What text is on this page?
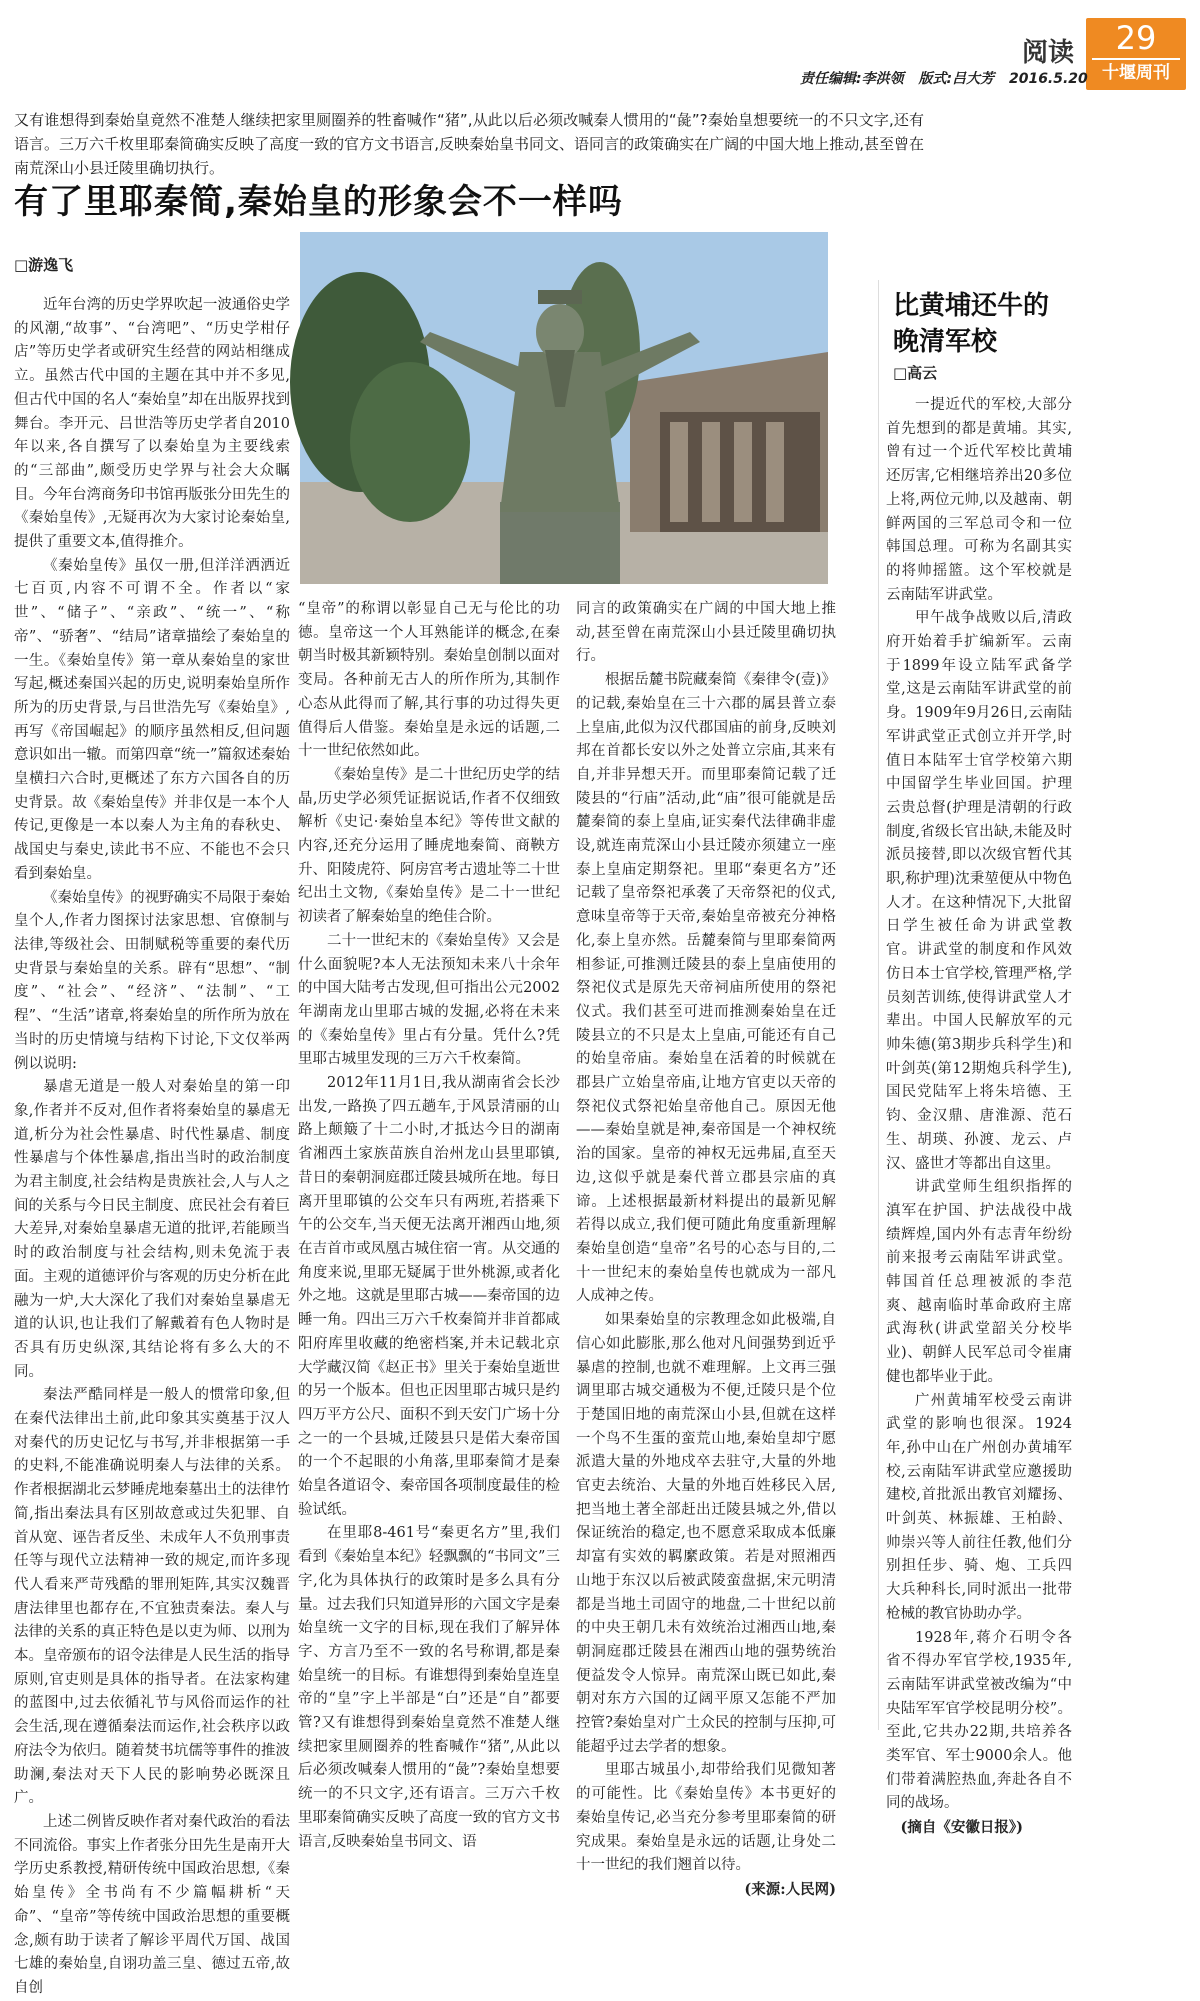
阅读	29
十堰周刊
责任编辑:李洪领 版式:吕大芳 2016.5.20
又有谁想得到秦始皇竟然不准楚人继续把家里厕圈养的牲畜喊作“猪”,从此以后必须改喊秦人惯用的“彘”?秦始皇想要统一的不只文字,还有语言。三万六千枚里耶秦简确实反映了高度一致的官方文书语言,反映秦始皇书同文、语同言的政策确实在广阔的中国大地上推动,甚至曾在南荒深山小县迁陵里确切执行。
有了里耶秦简,秦始皇的形象会不一样吗
□游逸飞

近年台湾的历史学界吹起一波通俗史学的风潮,“故事”、“台湾吧”、“历史学柑仔店”等历史学者或研究生经营的网站相继成立。虽然古代中国的主题在其中并不多见,但古代中国的名人“秦始皇”却在出版界找到舞台。李开元、吕世浩等历史学者自2010年以来,各自撰写了以秦始皇为主要线索的“三部曲”,颇受历史学界与社会大众瞩目。今年台湾商务印书馆再版张分田先生的《秦始皇传》,无疑再次为大家讨论秦始皇,提供了重要文本,值得推介。

《秦始皇传》虽仅一册,但洋洋洒洒近七百页,内容不可谓不全。作者以“家世”、“储子”、“亲政”、“统一”、“称帝”、“骄奢”、“结局”诸章描绘了秦始皇的一生。《秦始皇传》第一章从秦始皇的家世写起,概述秦国兴起的历史,说明秦始皇所作所为的历史背景,与吕世浩先写《秦始皇》,再写《帝国崛起》的顺序虽然相反,但问题意识如出一辙。而第四章“统一”篇叙述秦始皇横扫六合时,更概述了东方六国各自的历史背景。故《秦始皇传》并非仅是一本个人传记,更像是一本以秦人为主角的春秋史、战国史与秦史,读此书不应、不能也不会只看到秦始皇。

《秦始皇传》的视野确实不局限于秦始皇个人,作者力图探讨法家思想、官僚制与法律,等级社会、田制赋税等重要的秦代历史背景与秦始皇的关系。辟有“思想”、“制度”、“社会”、“经济”、“法制”、“工程”、“生活”诸章,将秦始皇的所作所为放在当时的历史情境与结构下讨论,下文仅举两例以说明:

暴虐无道是一般人对秦始皇的第一印象,作者并不反对,但作者将秦始皇的暴虐无道,析分为社会性暴虐、时代性暴虐、制度性暴虐与个体性暴虐,指出当时的政治制度为君主制度,社会结构是贵族社会,人与人之间的关系与今日民主制度、庶民社会有着巨大差异,对秦始皇暴虐无道的批评,若能顾当时的政治制度与社会结构,则未免流于表面。主观的道德评价与客观的历史分析在此融为一炉,大大深化了我们对秦始皇暴虐无道的认识,也让我们了解戴着有色人物时是否具有历史纵深,其结论将有多么大的不同。

秦法严酷同样是一般人的惯常印象,但在秦代法律出土前,此印象其实奠基于汉人对秦代的历史记忆与书写,并非根据第一手的史料,不能准确说明秦人与法律的关系。作者根据湖北云梦睡虎地秦墓出土的法律竹简,指出秦法具有区别故意或过失犯罪、自首从宽、诬告者反坐、未成年人不负刑事责任等与现代立法精神一致的规定,而许多现代人看来严苛残酷的罪刑矩阵,其实汉魏晋唐法律里也都存在,不宜独责秦法。秦人与法律的关系的真正特色是以吏为师、以刑为本。皇帝颁布的诏令法律是人民生活的指导原则,官吏则是具体的指导者。在法家构建的蓝图中,过去依循礼节与风俗而运作的社会生活,现在遵循秦法而运作,社会秩序以政府法令为依归。随着焚书坑儒等事件的推波助澜,秦法对天下人民的影响势必既深且广。

上述二例皆反映作者对秦代政治的看法不同流俗。事实上作者张分田先生是南开大学历史系教授,精研传统中国政治思想,《秦始皇传》全书尚有不少篇幅耕析“天命”、“皇帝”等传统中国政治思想的重要概念,颇有助于读者了解诊平周代万国、战国七雄的秦始皇,自诩功盖三皇、德过五帝,故自创

“皇帝”的称谓以彰显自己无与伦比的功德。皇帝这一个人耳熟能详的概念,在秦朝当时极其新颖特别。秦始皇创制以面对变局。各种前无古人的所作所为,其制作心态从此得而了解,其行事的功过得失更值得后人借鉴。秦始皇是永远的话题,二十一世纪依然如此。

《秦始皇传》是二十世纪历史学的结晶,历史学必须凭证据说话,作者不仅细致解析《史记·秦始皇本纪》等传世文献的内容,还充分运用了睡虎地秦简、商鞅方升、阳陵虎符、阿房宫考古遗址等二十世纪出土文物,《秦始皇传》是二十一世纪初读者了解秦始皇的绝佳合阶。

二十一世纪末的《秦始皇传》又会是什么面貌呢?本人无法预知未来八十余年的中国大陆考古发现,但可指出公元2002年湖南龙山里耶古城的发掘,必将在未来的《秦始皇传》里占有分量。凭什么?凭里耶古城里发现的三万六千枚秦简。

2012年11月1日,我从湖南省会长沙出发,一路换了四五趟车,于风景清丽的山路上颠簸了十二小时,才抵达今日的湖南省湘西土家族苗族自治州龙山县里耶镇,昔日的秦朝洞庭郡迁陵县城所在地。每日离开里耶镇的公交车只有两班,若搭乘下午的公交车,当天便无法离开湘西山地,须在吉首市或凤凰古城住宿一宵。从交通的角度来说,里耶无疑属于世外桃源,或者化外之地。这就是里耶古城——秦帝国的边睡一角。四出三万六千枚秦简并非首都咸阳府库里收藏的绝密档案,并未记载北京大学藏汉简《赵正书》里关于秦始皇逝世的另一个版本。但也正因里耶古城只是约四万平方公尺、面积不到天安门广场十分之一的一个县城,迁陵县只是偌大秦帝国的一个不起眼的小角落,里耶秦简才是秦始皇各道诏令、秦帝国各项制度最佳的检验试纸。

在里耶8-461号“秦更名方”里,我们看到《秦始皇本纪》轻飘飘的“书同文”三字,化为具体执行的政策时是多么具有分量。过去我们只知道异形的六国文字是秦始皇统一文字的目标,现在我们了解异体字、方言乃至不一致的名号称谓,都是秦始皇统一的目标。有谁想得到秦始皇连皇帝的“皇”字上半部是“白”还是“自”都要管?又有谁想得到秦始皇竟然不准楚人继续把家里厕圈养的牲畜喊作“猪”,从此以后必须改喊秦人惯用的“彘”?秦始皇想要统一的不只文字,还有语言。三万六千枚里耶秦简确实反映了高度一致的官方文书语言,反映秦始皇书同文、语

同言的政策确实在广阔的中国大地上推动,甚至曾在南荒深山小县迁陵里确切执行。

根据岳麓书院藏秦简《秦律令(壹)》的记载,秦始皇在三十六郡的属县普立泰上皇庙,此似为汉代郡国庙的前身,反映刘邦在首都长安以外之处普立宗庙,其来有自,并非异想天开。而里耶秦简记载了迁陵县的“行庙”活动,此“庙”很可能就是岳麓秦简的泰上皇庙,证实秦代法律确非虚设,就连南荒深山小县迁陵亦须建立一座泰上皇庙定期祭祀。里耶“秦更名方”还记载了皇帝祭祀承袭了天帝祭祀的仪式,意味皇帝等于天帝,秦始皇帝被充分神格化,泰上皇亦然。岳麓秦简与里耶秦简两相参证,可推测迁陵县的泰上皇庙使用的祭祀仪式是原先天帝祠庙所使用的祭祀仪式。我们甚至可进而推测秦始皇在迁陵县立的不只是太上皇庙,可能还有自己的始皇帝庙。秦始皇在活着的时候就在郡县广立始皇帝庙,让地方官吏以天帝的祭祀仪式祭祀始皇帝他自己。原因无他——秦始皇就是神,秦帝国是一个神权统治的国家。皇帝的神权无远弗届,直至天边,这似乎就是秦代普立郡县宗庙的真谛。上述根据最新材料提出的最新见解若得以成立,我们便可随此角度重新理解秦始皇创造“皇帝”名号的心态与目的,二十一世纪末的秦始皇传也就成为一部凡人成神之传。

如果秦始皇的宗教理念如此极端,自信心如此膨胀,那么他对凡间强势到近乎暴虐的控制,也就不难理解。上文再三强调里耶古城交通极为不便,迁陵只是个位于楚国旧地的南荒深山小县,但就在这样一个鸟不生蛋的蛮荒山地,秦始皇却宁愿派遣大量的外地戍卒去驻守,大量的外地官吏去统治、大量的外地百姓移民入居,把当地土著全部赶出迁陵县城之外,借以保证统治的稳定,也不愿意采取成本低廉却富有实效的羁縻政策。若是对照湘西山地于东汉以后被武陵蛮盘据,宋元明清都是当地土司固守的地盘,二十世纪以前的中央王朝几未有效统治过湘西山地,秦朝洞庭郡迁陵县在湘西山地的强势统治便益发令人惊异。南荒深山既已如此,秦朝对东方六国的辽阔平原又怎能不严加控管?秦始皇对广土众民的控制与压抑,可能超乎过去学者的想象。

里耶古城虽小,却带给我们见微知著的可能性。比《秦始皇传》本书更好的秦始皇传记,必当充分参考里耶秦简的研究成果。秦始皇是永远的话题,让身处二十一世纪的我们翘首以待。

(来源:人民网)

比黄埔还牛的
晚清军校
□高云

一提近代的军校,大部分首先想到的都是黄埔。其实,曾有过一个近代军校比黄埔还厉害,它相继培养出20多位上将,两位元帅,以及越南、朝鲜两国的三军总司令和一位韩国总理。可称为名副其实的将帅摇篮。这个军校就是云南陆军讲武堂。

甲午战争战败以后,清政府开始着手扩编新军。云南于1899年设立陆军武备学堂,这是云南陆军讲武堂的前身。1909年9月26日,云南陆军讲武堂正式创立并开学,时值日本陆军士官学校第六期中国留学生毕业回国。护理云贵总督(护理是清朝的行政制度,省级长官出缺,未能及时派员接替,即以次级官暂代其职,称护理)沈秉堃便从中物色人才。在这种情况下,大批留日学生被任命为讲武堂教官。讲武堂的制度和作风效仿日本士官学校,管理严格,学员刻苦训练,使得讲武堂人才辈出。中国人民解放军的元帅朱德(第3期步兵科学生)和叶剑英(第12期炮兵科学生),国民党陆军上将朱培德、王钧、金汉鼎、唐淮源、范石生、胡瑛、孙渡、龙云、卢汉、盛世才等都出自这里。

讲武堂师生组织指挥的滇军在护国、护法战役中战绩辉煌,国内外有志青年纷纷前来报考云南陆军讲武堂。韩国首任总理被派的李范爽、越南临时革命政府主席武海秋(讲武堂韶关分校毕业)、朝鲜人民军总司令崔庸健也都毕业于此。

广州黄埔军校受云南讲武堂的影响也很深。1924年,孙中山在广州创办黄埔军校,云南陆军讲武堂应邀援助建校,首批派出教官刘耀扬、叶剑英、林振雄、王柏龄、帅崇兴等人前往任教,他们分别担任步、骑、炮、工兵四大兵种科长,同时派出一批带枪械的教官协助办学。

1928年,蒋介石明令各省不得办军官学校,1935年,云南陆军讲武堂被改编为“中央陆军军官学校昆明分校”。至此,它共办22期,共培养各类军官、军士9000余人。他们带着满腔热血,奔赴各自不同的战场。

(摘自《安徽日报》)
